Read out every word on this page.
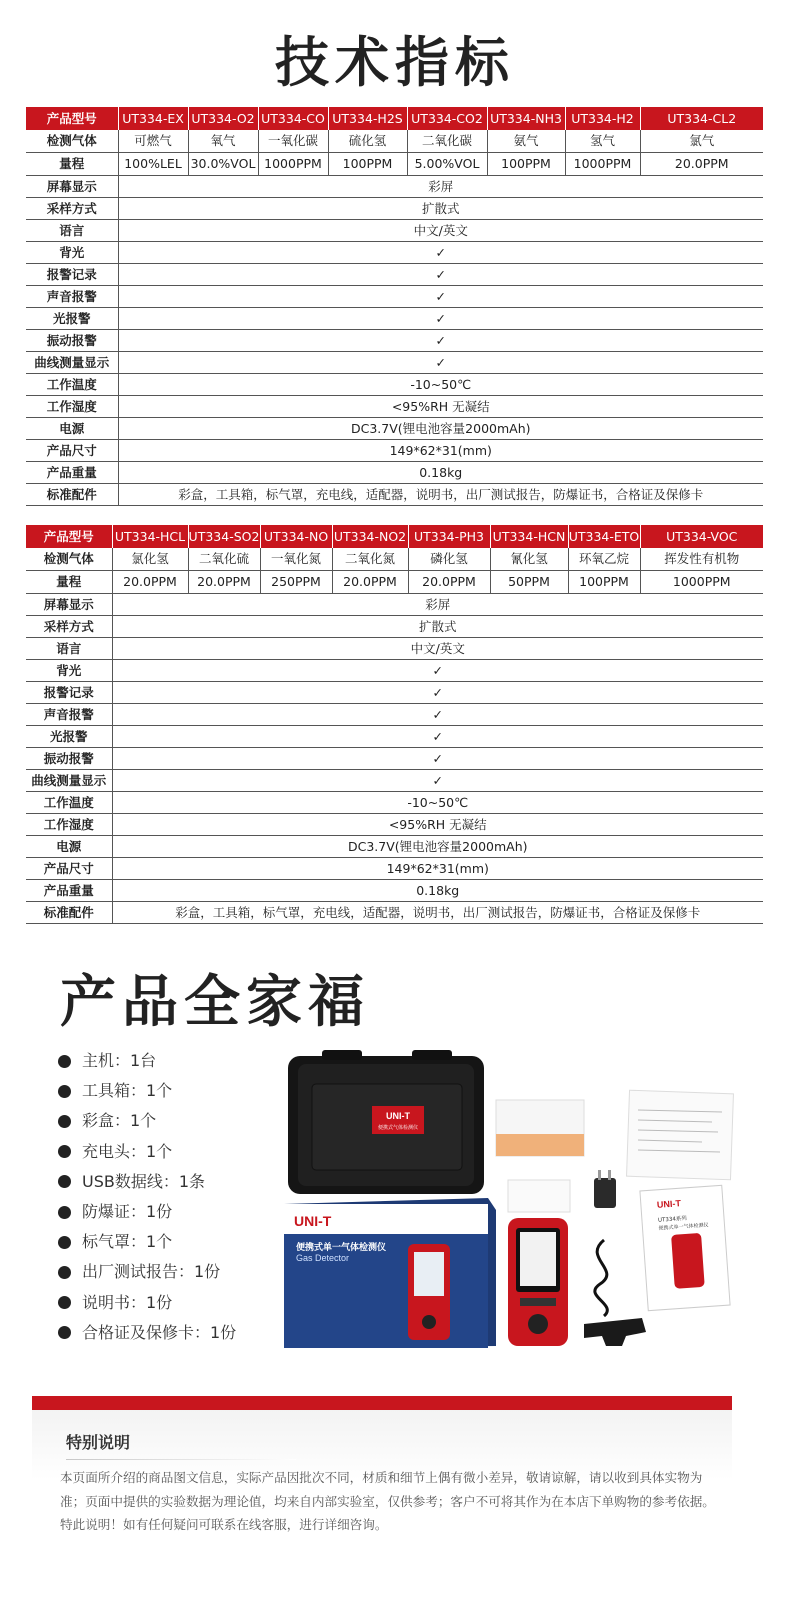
技术指标
产品型号	UT334-EX	UT334-O2	UT334-CO	UT334-H2S	UT334-CO2	UT334-NH3	UT334-H2	UT334-CL2
检测气体	可燃气	氧气	一氧化碳	硫化氢	二氧化碳	氨气	氢气	氯气
量程	100%LEL	30.0%VOL	1000PPM	100PPM	5.00%VOL	100PPM	1000PPM	20.0PPM
屏幕显示	彩屏							
采样方式	扩散式							
语言	中文/英文							
背光	✓							
报警记录	✓							
声音报警	✓							
光报警	✓							
振动报警	✓							
曲线测量显示	✓							
工作温度	-10~50℃							
工作湿度	<95%RH 无凝结							
电源	DC3.7V(锂电池容量2000mAh)							
产品尺寸	149*62*31(mm)							
产品重量	0.18kg							
标准配件	彩盒，工具箱，标气罩，充电线，适配器，说明书，出厂测试报告，防爆证书，合格证及保修卡							
产品型号	UT334-HCL	UT334-SO2	UT334-NO	UT334-NO2	UT334-PH3	UT334-HCN	UT334-ETO	UT334-VOC
检测气体	氯化氢	二氧化硫	一氧化氮	二氧化氮	磷化氢	氰化氢	环氧乙烷	挥发性有机物
量程	20.0PPM	20.0PPM	250PPM	20.0PPM	20.0PPM	50PPM	100PPM	1000PPM
屏幕显示	彩屏							
采样方式	扩散式							
语言	中文/英文							
背光	✓							
报警记录	✓							
声音报警	✓							
光报警	✓							
振动报警	✓							
曲线测量显示	✓							
工作温度	-10~50℃							
工作湿度	<95%RH 无凝结							
电源	DC3.7V(锂电池容量2000mAh)							
产品尺寸	149*62*31(mm)							
产品重量	0.18kg							
标准配件	彩盒，工具箱，标气罩，充电线，适配器，说明书，出厂测试报告，防爆证书，合格证及保修卡							
产品全家福
主机：1台
工具箱：1个
彩盒：1个
充电头：1个
USB数据线：1条
防爆证：1份
标气罩：1个
出厂测试报告：1份
说明书：1份
合格证及保修卡：1份
UNI-T
便携式气体检测仪
UNI-T
便携式单一气体检测仪
Gas Detector
UNI-T
UT334系列
便携式单一气体检测仪
特别说明
本页面所介绍的商品图文信息，实际产品因批次不同，材质和细节上偶有微小差异，敬请谅解，请以收到具体实物为准；页面中提供的实验数据为理论值，均来自内部实验室，仅供参考；客户不可将其作为在本店下单购物的参考依据。特此说明！如有任何疑问可联系在线客服，进行详细咨询。
